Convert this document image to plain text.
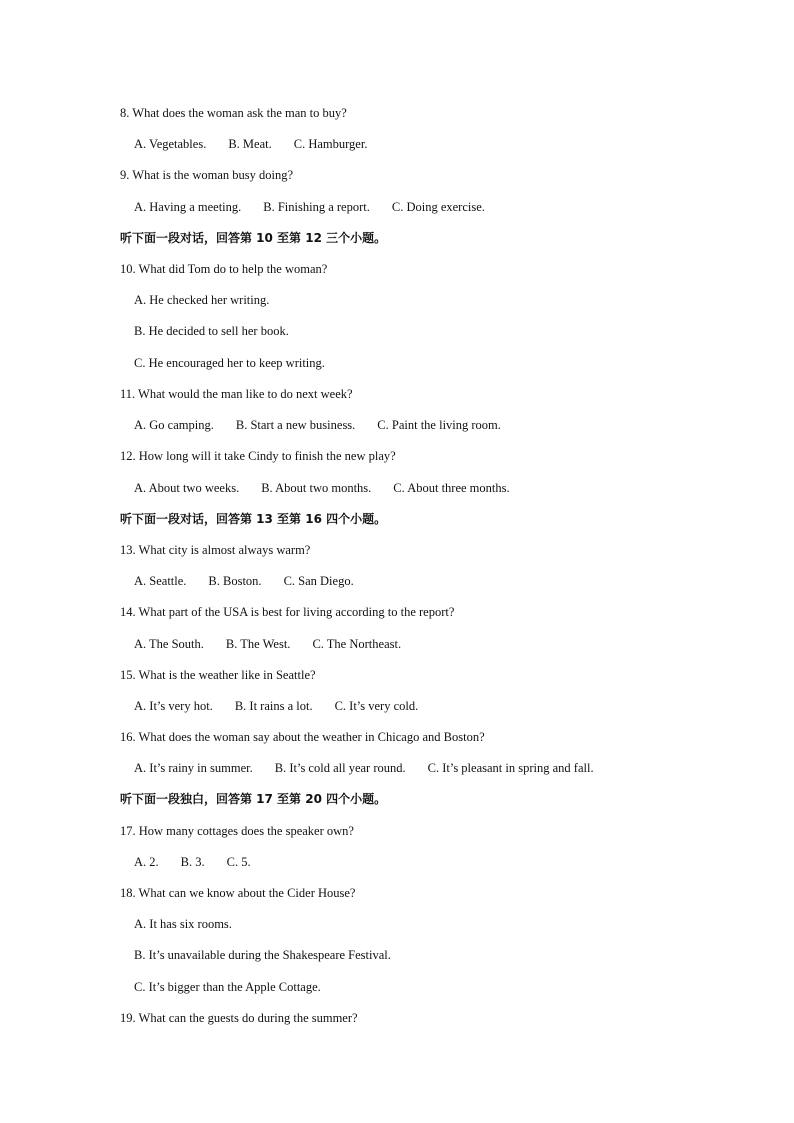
8. What does the woman ask the man to buy?
A. Vegetables. B. Meat. C. Hamburger.
9. What is the woman busy doing?
A. Having a meeting. B. Finishing a report. C. Doing exercise.
听下面一段对话，回答第 10 至第 12 三个小题。
10. What did Tom do to help the woman?
A. He checked her writing.
B. He decided to sell her book.
C. He encouraged her to keep writing.
11. What would the man like to do next week?
A. Go camping. B. Start a new business. C. Paint the living room.
12. How long will it take Cindy to finish the new play?
A. About two weeks. B. About two months. C. About three months.
听下面一段对话，回答第 13 至第 16 四个小题。
13. What city is almost always warm?
A. Seattle. B. Boston. C. San Diego.
14. What part of the USA is best for living according to the report?
A. The South. B. The West. C. The Northeast.
15. What is the weather like in Seattle?
A. It’s very hot. B. It rains a lot. C. It’s very cold.
16. What does the woman say about the weather in Chicago and Boston?
A. It’s rainy in summer. B. It’s cold all year round. C. It’s pleasant in spring and fall.
听下面一段独白，回答第 17 至第 20 四个小题。
17. How many cottages does the speaker own?
A. 2. B. 3. C. 5.
18. What can we know about the Cider House?
A. It has six rooms.
B. It’s unavailable during the Shakespeare Festival.
C. It’s bigger than the Apple Cottage.
19. What can the guests do during the summer?
